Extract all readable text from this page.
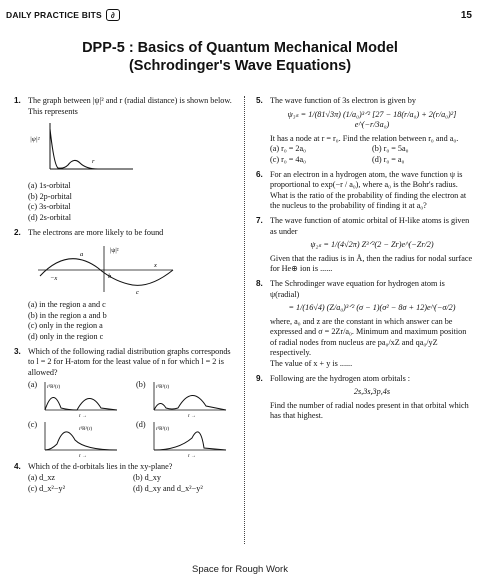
DAILY PRACTICE BITS ∂	15
DPP-5 : Basics of Quantum Mechanical Model
(Schrodinger's Wave Equations)
1. The graph between |ψ|² and r (radial distance) is shown below. This represents
|ψ|²
r
(a) 1s-orbital
(b) 2p-orbital
(c) 3s-orbital
(d) 2s-orbital
2. The electrons are more likely to be found
|ψ|²
a
b
c
x
−x
(a) in the region a and c
(b) in the region a and b
(c) only in the region a
(d) only in the region c
3. Which of the following radial distribution graphs corresponds to l = 2 for H-atom for the least value of n for which l = 2 is allowed?
(a) r²R²(r)
r →
(b) r²R²(r)
r →
(c)
r²R²(r)
r →
(d)
r²R²(r)
r →
4. Which of the d-orbitals lies in the xy-plane?
(a) d_xz	(b) d_xy
(c) d_x²−y²	(d) d_xy and d_x²−y²
5. The wave function of 3s electron is given by
ψ₃ₛ = 1/(81√3π) (1/a₀)³ᐟ² [27 − 18(r/a₀) + 2(r/a₀)²] e^(−r/3a₀)
It has a node at r = r₀. Find the relation between r₀ and a₀.
(a) r₀ = 2a₀	(b) r₀ = 5a₀
(c) r₀ = 4a₀	(d) r₀ = a₀
6. For an electron in a hydrogen atom, the wave function ψ is proportional to exp(−r / a₀), where a₀ is the Bohr's radius. What is the ratio of the probability of finding the electron at the nucleus to the probability of finding it at a₀?
7. The wave function of atomic orbital of H-like atoms is given as under
ψ₂ₛ = 1/(4√2π) Z³ᐟ²(2 − Zr)e^(−Zr/2)
Given that the radius is in Å, then the radius for nodal surface for He⊕ ion is ......
8. The Schrodinger wave equation for hydrogen atom is ψ(radial)
= 1/(16√4) (Z/a₀)³ᐟ² (σ − 1)(σ² − 8σ + 12)e^(−σ/2)
where, a₀ and z are the constant in which answer can be expressed and σ = 2Zr/a₀. Minimum and maximum position of radial nodes from nucleus are pa₀/xZ and qa₀/yZ respectively.
The value of x + y is ......
9. Following are the hydrogen atom orbitals :
2s,3s,3p,4s
Find the number of radial nodes present in that orbital which has that highest.
Space for Rough Work
